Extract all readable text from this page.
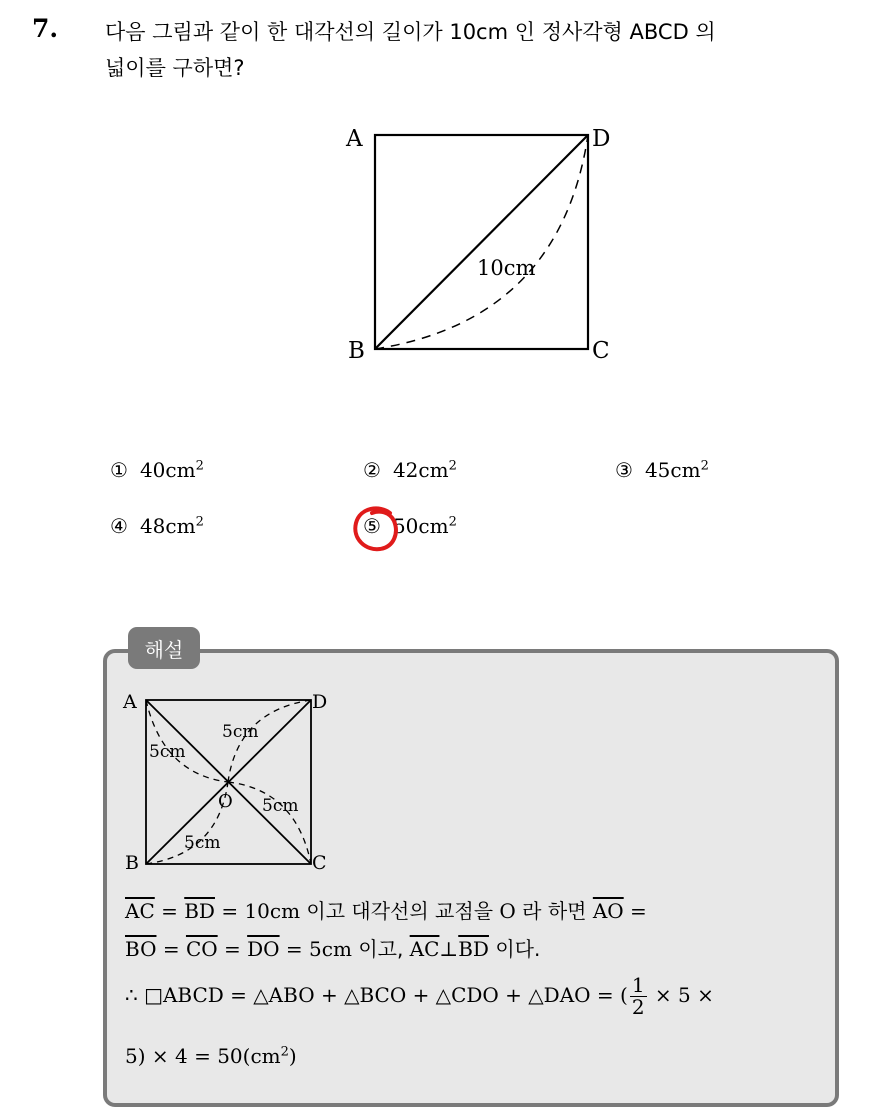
7. 다음 그림과 같이 한 대각선의 길이가 10cm 인 정사각형 ABCD 의
넓이를 구하면?
A	D
B	C
10cm
① $40cm^2$	② $42cm^2$	③ $45cm^2$
④ $48cm^2$	⑤ $50cm^2$
해설
A	D
B	C
O
5cm
5cm
5cm
5cm
$\overline{AC} = \overline{BD} = 10cm$ 이고 대각선의 교점을 O 라 하면 $\overline{AO}$ =
$\overline{BO} = \overline{CO} = \overline{DO} = 5cm$ 이고, $\overline{AC}\perp\overline{BD}$ 이다.
∴ □ABCD = △ABO + △BCO + △CDO + △DAO = ( $\frac{1}{2} \times 5$ ×
$5) \times 4 = 50(cm^2)$
